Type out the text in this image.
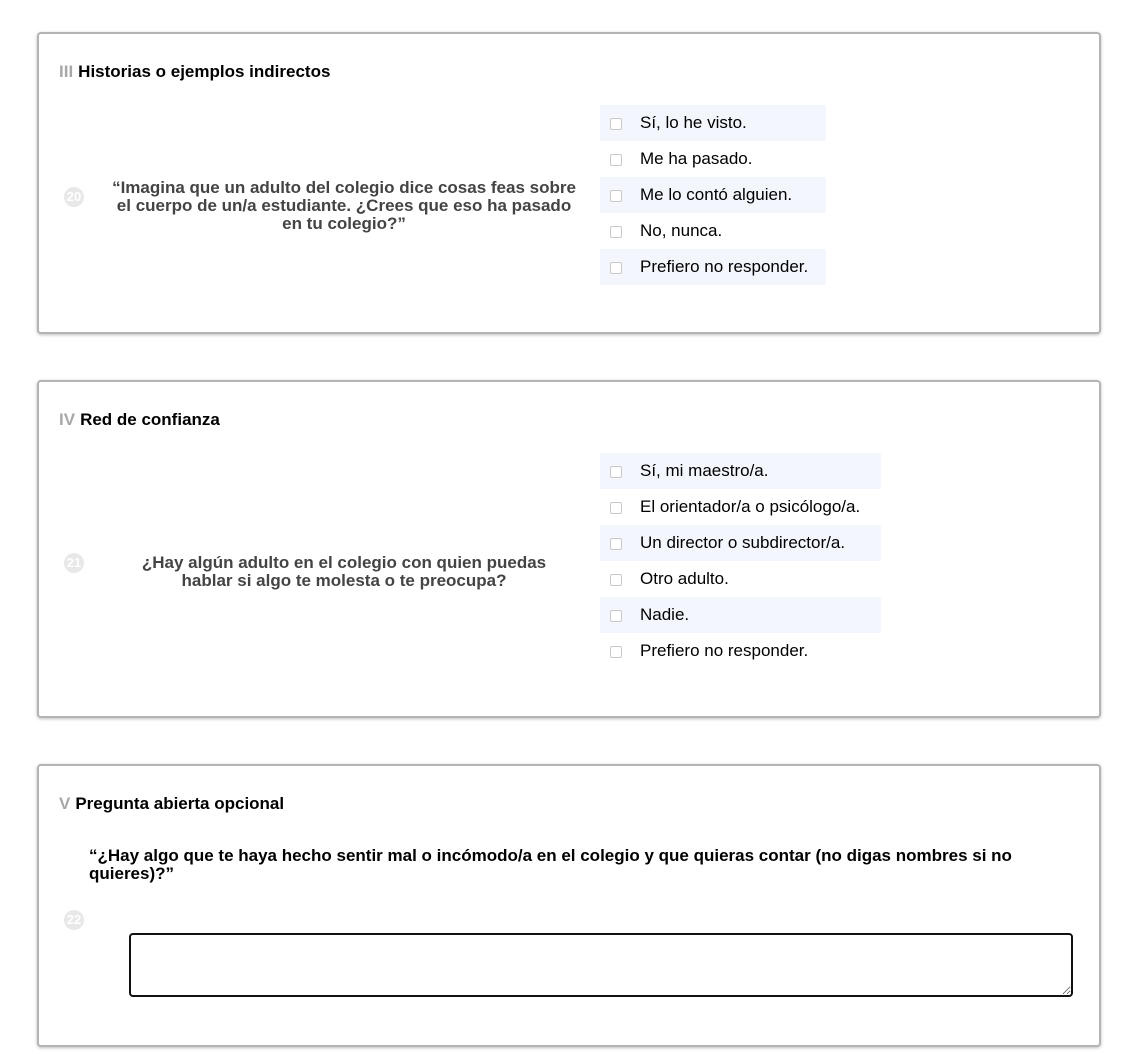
III Historias o ejemplos indirectos
20 “Imagina que un adulto del colegio dice cosas feas sobre el cuerpo de un/a estudiante. ¿Crees que eso ha pasado en tu colegio?”
Sí, lo he visto.
Me ha pasado.
Me lo contó alguien.
No, nunca.
Prefiero no responder.
IV Red de confianza
21	¿Hay algún adulto en el colegio con quien puedas hablar si algo te molesta o te preocupa?
Sí, mi maestro/a.
El orientador/a o psicólogo/a.
Un director o subdirector/a.
Otro adulto.
Nadie.
Prefiero no responder.
V Pregunta abierta opcional
“¿Hay algo que te haya hecho sentir mal o incómodo/a en el colegio y que quieras contar (no digas nombres si no quieres)?”
22
